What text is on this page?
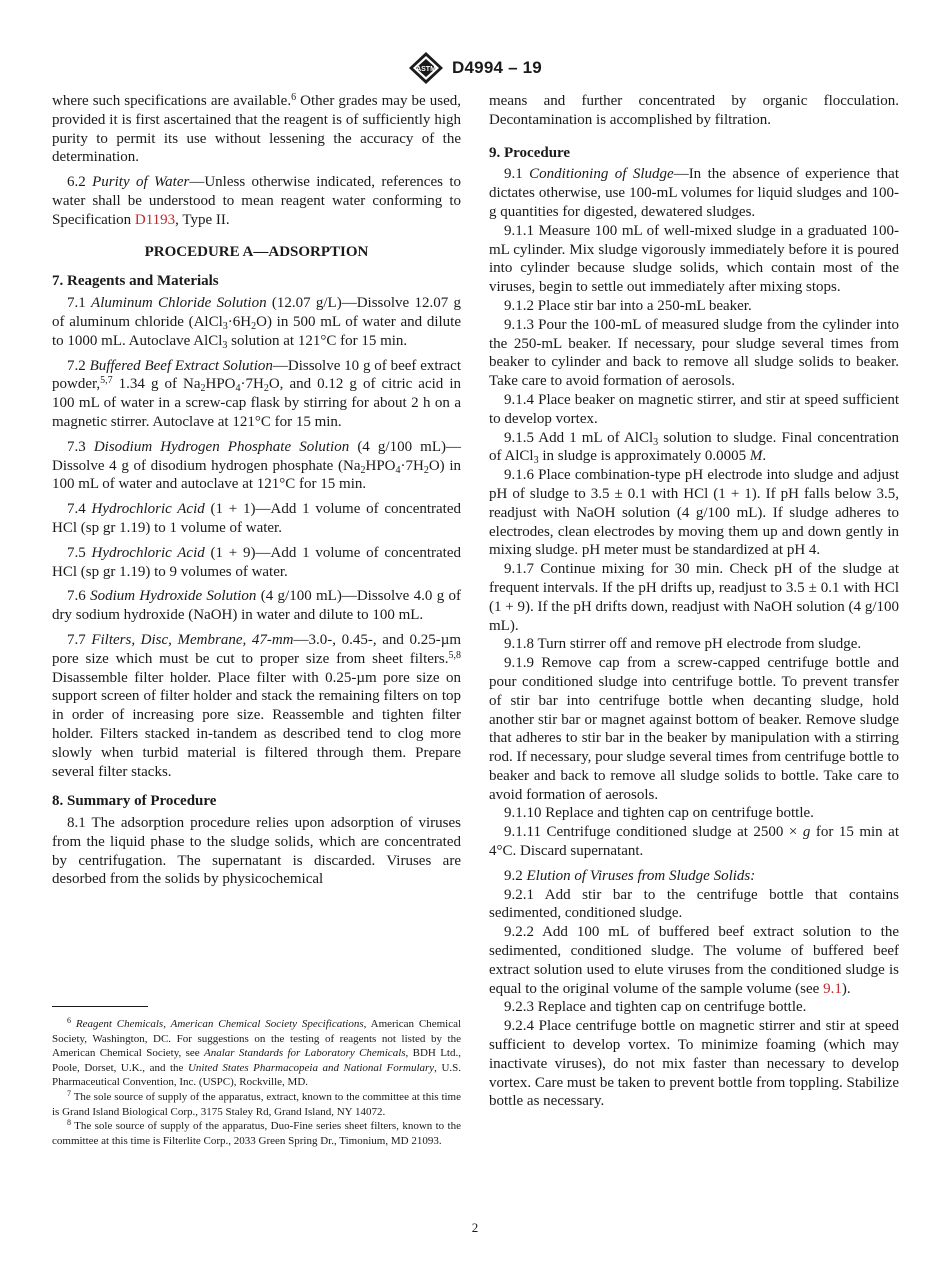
ASTM D4994 – 19

where such specifications are available.$^6$ Other grades may be used, provided it is first ascertained that the reagent is of sufficiently high purity to permit its use without lessening the accuracy of the determination.

6.2 Purity of Water—Unless otherwise indicated, references to water shall be understood to mean reagent water conforming to Specification D1193, Type II.

PROCEDURE A—ADSORPTION

7. Reagents and Materials

7.1 Aluminum Chloride Solution (12.07 g/L)—Dissolve 12.07 g of aluminum chloride $(AlCl_3\cdot 6H_2O)$ in 500 mL of water and dilute to 1000 mL. Autoclave AlCl$_3$ solution at 121°C for 15 min.

7.2 Buffered Beef Extract Solution—Dissolve 10 g of beef extract powder,$^{5,7}$ 1.34 g of $Na_2HPO_4\cdot 7H_2O$, and 0.12 g of citric acid in 100 mL of water in a screw-cap flask by stirring for about 2 h on a magnetic stirrer. Autoclave at 121°C for 15 min.

7.3 Disodium Hydrogen Phosphate Solution (4 g/100 mL)—Dissolve 4 g of disodium hydrogen phosphate $(Na_2HPO_4\cdot 7H_2O)$ in 100 mL of water and autoclave at 121°C for 15 min.

7.4 Hydrochloric Acid (1 + 1)—Add 1 volume of concentrated HCl (sp gr 1.19) to 1 volume of water.

7.5 Hydrochloric Acid (1 + 9)—Add 1 volume of concentrated HCl (sp gr 1.19) to 9 volumes of water.

7.6 Sodium Hydroxide Solution (4 g/100 mL)—Dissolve 4.0 g of dry sodium hydroxide (NaOH) in water and dilute to 100 mL.

7.7 Filters, Disc, Membrane, 47-mm—3.0-, 0.45-, and 0.25-µm pore size which must be cut to proper size from sheet filters.$^{5,8}$ Disassemble filter holder. Place filter with 0.25-µm pore size on support screen of filter holder and stack the remaining filters on top in order of increasing pore size. Reassemble and tighten filter holder. Filters stacked in-tandem as described tend to clog more slowly when turbid material is filtered through them. Prepare several filter stacks.

8. Summary of Procedure

8.1 The adsorption procedure relies upon adsorption of viruses from the liquid phase to the sludge solids, which are concentrated by centrifugation. The supernatant is discarded. Viruses are desorbed from the solids by physicochemical

$^6$ Reagent Chemicals, American Chemical Society Specifications, American Chemical Society, Washington, DC. For suggestions on the testing of reagents not listed by the American Chemical Society, see Analar Standards for Laboratory Chemicals, BDH Ltd., Poole, Dorset, U.K., and the United States Pharmacopeia and National Formulary, U.S. Pharmaceutical Convention, Inc. (USPC), Rockville, MD.

$^7$ The sole source of supply of the apparatus, extract, known to the committee at this time is Grand Island Biological Corp., 3175 Staley Rd, Grand Island, NY 14072.

$^8$ The sole source of supply of the apparatus, Duo-Fine series sheet filters, known to the committee at this time is Filterlite Corp., 2033 Green Spring Dr., Timonium, MD 21093.

means and further concentrated by organic flocculation. Decontamination is accomplished by filtration.

9. Procedure

9.1 Conditioning of Sludge—In the absence of experience that dictates otherwise, use 100-mL volumes for liquid sludges and 100-g quantities for digested, dewatered sludges.

9.1.1 Measure 100 mL of well-mixed sludge in a graduated 100-mL cylinder. Mix sludge vigorously immediately before it is poured into cylinder because sludge solids, which contain most of the viruses, begin to settle out immediately after mixing stops.

9.1.2 Place stir bar into a 250-mL beaker.

9.1.3 Pour the 100-mL of measured sludge from the cylinder into the 250-mL beaker. If necessary, pour sludge several times from beaker to cylinder and back to remove all sludge solids to beaker. Take care to avoid formation of aerosols.

9.1.4 Place beaker on magnetic stirrer, and stir at speed sufficient to develop vortex.

9.1.5 Add 1 mL of AlCl$_3$ solution to sludge. Final concentration of AlCl$_3$ in sludge is approximately 0.0005 M.

9.1.6 Place combination-type pH electrode into sludge and adjust pH of sludge to 3.5 ± 0.1 with HCl (1 + 1). If pH falls below 3.5, readjust with NaOH solution (4 g/100 mL). If sludge adheres to electrodes, clean electrodes by moving them up and down gently in mixing sludge. pH meter must be standardized at pH 4.

9.1.7 Continue mixing for 30 min. Check pH of the sludge at frequent intervals. If the pH drifts up, readjust to 3.5 ± 0.1 with HCl (1 + 9). If the pH drifts down, readjust with NaOH solution (4 g/100 mL).

9.1.8 Turn stirrer off and remove pH electrode from sludge.

9.1.9 Remove cap from a screw-capped centrifuge bottle and pour conditioned sludge into centrifuge bottle. To prevent transfer of stir bar into centrifuge bottle when decanting sludge, hold another stir bar or magnet against bottom of beaker. Remove sludge that adheres to stir bar in the beaker by manipulation with a stirring rod. If necessary, pour sludge several times from centrifuge bottle to beaker and back to remove all sludge solids to bottle. Take care to avoid formation of aerosols.

9.1.10 Replace and tighten cap on centrifuge bottle.

9.1.11 Centrifuge conditioned sludge at 2500 × g for 15 min at 4°C. Discard supernatant.

9.2 Elution of Viruses from Sludge Solids:

9.2.1 Add stir bar to the centrifuge bottle that contains sedimented, conditioned sludge.

9.2.2 Add 100 mL of buffered beef extract solution to the sedimented, conditioned sludge. The volume of buffered beef extract solution used to elute viruses from the conditioned sludge is equal to the original volume of the sample volume (see 9.1).

9.2.3 Replace and tighten cap on centrifuge bottle.

9.2.4 Place centrifuge bottle on magnetic stirrer and stir at speed sufficient to develop vortex. To minimize foaming (which may inactivate viruses), do not mix faster than necessary to develop vortex. Care must be taken to prevent bottle from toppling. Stabilize bottle as necessary.

2
